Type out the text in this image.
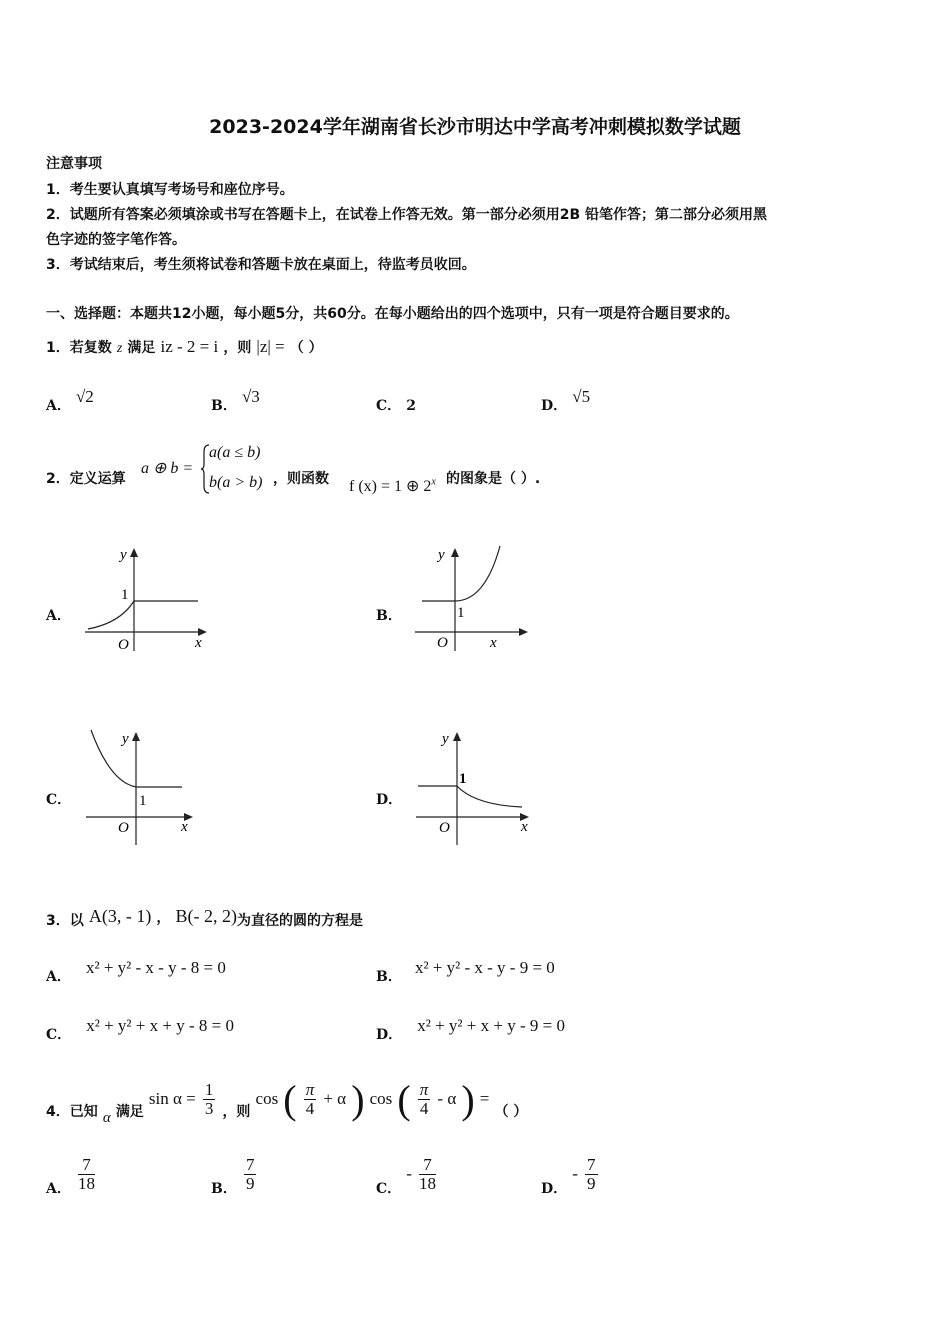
2023-2024学年湖南省长沙市明达中学高考冲刺模拟数学试题
注意事项
1．考生要认真填写考场号和座位序号。
2．试题所有答案必须填涂或书写在答题卡上，在试卷上作答无效。第一部分必须用2B 铅笔作答；第二部分必须用黑
色字迹的签字笔作答。
3．考试结束后，考生须将试卷和答题卡放在桌面上，待监考员收回。
一、选择题：本题共12小题，每小题5分，共60分。在每小题给出的四个选项中，只有一项是符合题目要求的。
1．若复数 z 满足 iz - 2 = i ，则 |z| = （ ）
A． √2	B． √3	C． 2	D． √5
2．定义运算
a ⊕ b =
a(a ≤ b)
b(a > b) ，则函数 f (x) = 1 ⊕ 2$^x$ 的图象是（ ）.
A．
y
1
O	x
B．
y
1
O	x
C．
y
1
O	x
D．
y
1
O	x
3．以 A(3, - 1) ， B(- 2, 2)为直径的圆的方程是
A． x² + y² - x - y - 8 = 0	B． x² + y² - x - y - 9 = 0
C． x² + y² + x + y - 8 = 0	D． x² + y² + x + y - 9 = 0
4．已知 α 满足 $\sin \alpha = \frac{1}{3}$ ，则 cos ( $\frac{\pi}{4} + \alpha$ ) cos ( $\frac{\pi}{4}$ - α ) = （ ）
A． $\frac{7}{18}$	B． $\frac{7}{9}$	C． - $\frac{7}{18}$	D． - $\frac{7}{9}$
